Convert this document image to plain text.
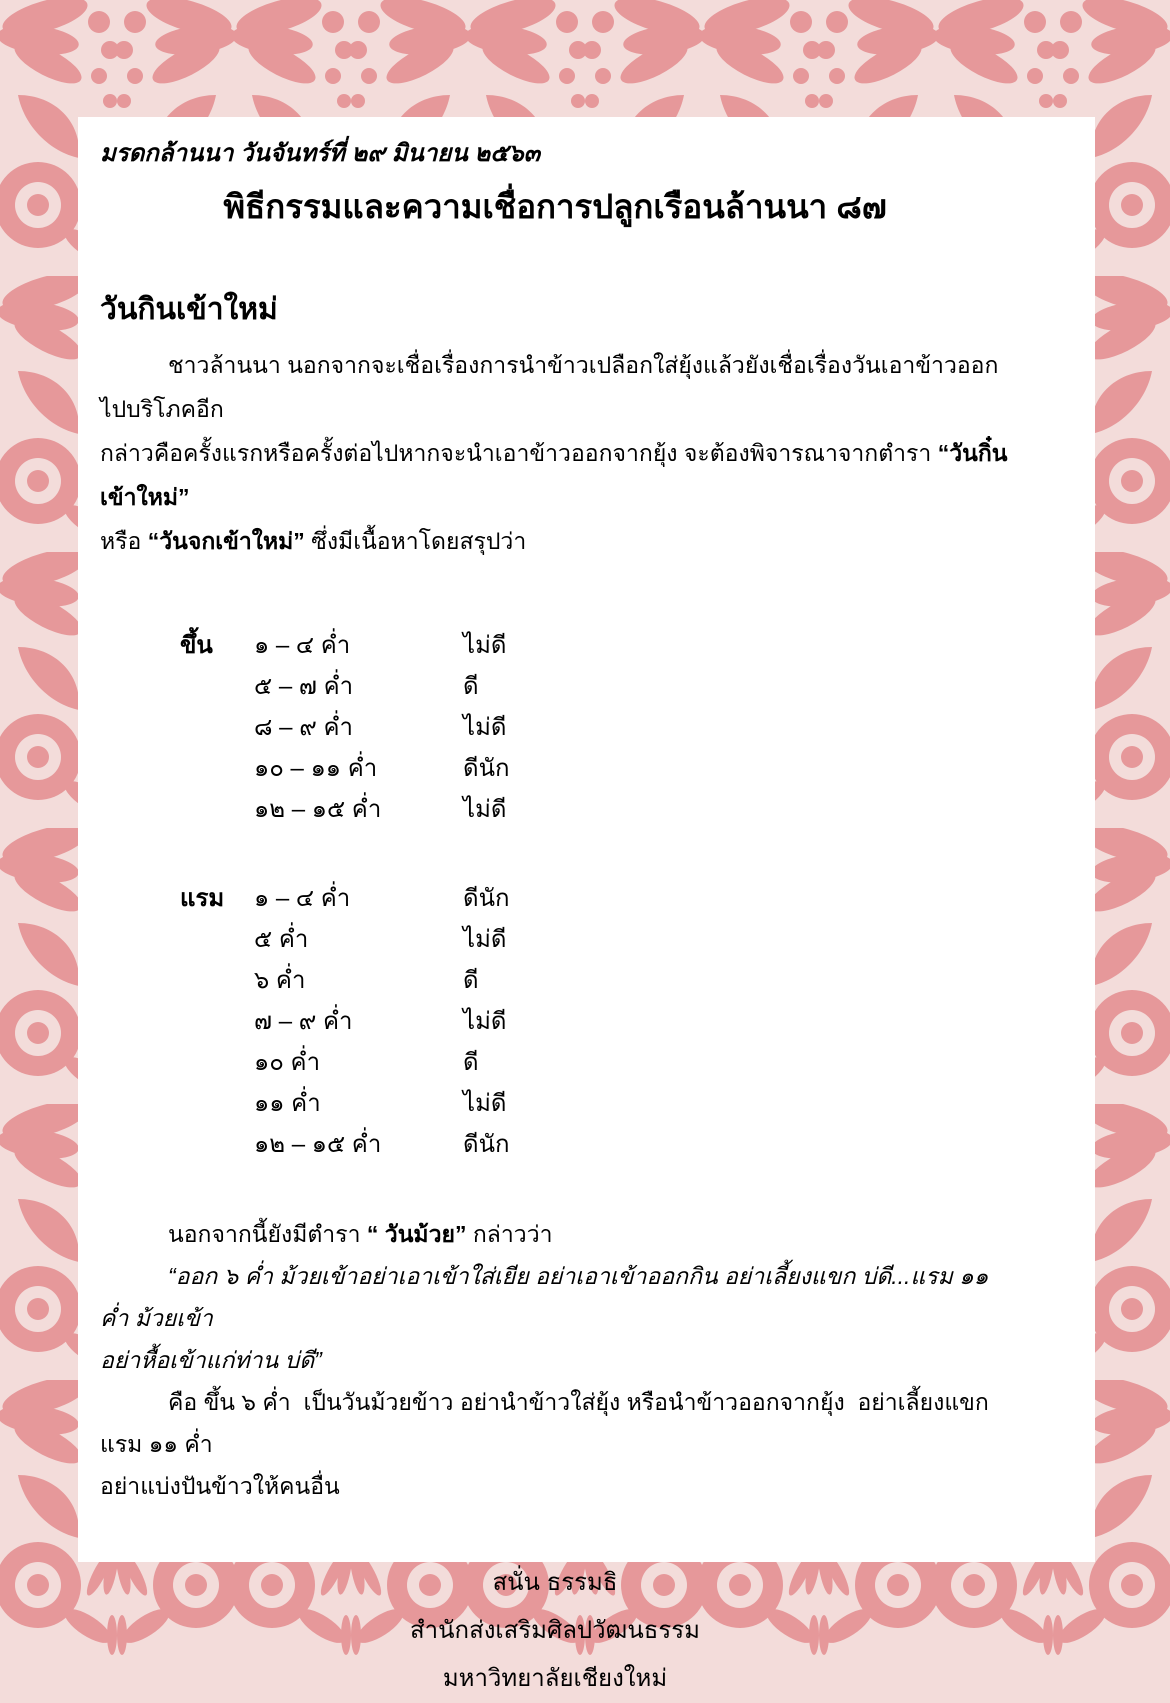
มรดกล้านนา วันจันทร์ที่ ๒๙ มินายน ๒๕๖๓
พิธีกรรมและความเชื่อการปลูกเรือนล้านนา ๘๗
วันกินเข้าใหม่
ชาวล้านนา นอกจากจะเชื่อเรื่องการนำข้าวเปลือกใส่ยุ้งแล้วยังเชื่อเรื่องวันเอาข้าวออกไปบริโภคอีก
กล่าวคือครั้งแรกหรือครั้งต่อไปหากจะนำเอาข้าวออกจากยุ้ง จะต้องพิจารณาจากตำรา “วันกิ๋นเข้าใหม่”
หรือ “วันจกเข้าใหม่” ซึ่งมีเนื้อหาโดยสรุปว่า
ขึ้น	๑ – ๔ ค่ำ	ไม่ดี
๕ – ๗ ค่ำ	ดี
๘ – ๙ ค่ำ	ไม่ดี
๑๐ – ๑๑ ค่ำ	ดีนัก
๑๒ – ๑๕ ค่ำ	ไม่ดี
แรม	๑ – ๔ ค่ำ	ดีนัก
๕ ค่ำ	ไม่ดี
๖ ค่ำ	ดี
๗ – ๙ ค่ำ	ไม่ดี
๑๐ ค่ำ	ดี
๑๑ ค่ำ	ไม่ดี
๑๒ – ๑๕ ค่ำ	ดีนัก
นอกจากนี้ยังมีตำรา “ วันม้วย” กล่าวว่า
“ออก ๖ ค่ำ ม้วยเข้าอย่าเอาเข้าใส่เยีย อย่าเอาเข้าออกกิน อย่าเลี้ยงแขก บ่ดี...แรม ๑๑ ค่ำ ม้วยเข้า
อย่าหื้อเข้าแก่ท่าน บ่ดี”
คือ ขึ้น ๖ ค่ำ  เป็นวันม้วยข้าว อย่านำข้าวใส่ยุ้ง หรือนำข้าวออกจากยุ้ง  อย่าเลี้ยงแขก แรม ๑๑ ค่ำ
อย่าแบ่งปันข้าวให้คนอื่น
สนั่น ธรรมธิ
สำนักส่งเสริมศิลปวัฒนธรรม
มหาวิทยาลัยเชียงใหม่
